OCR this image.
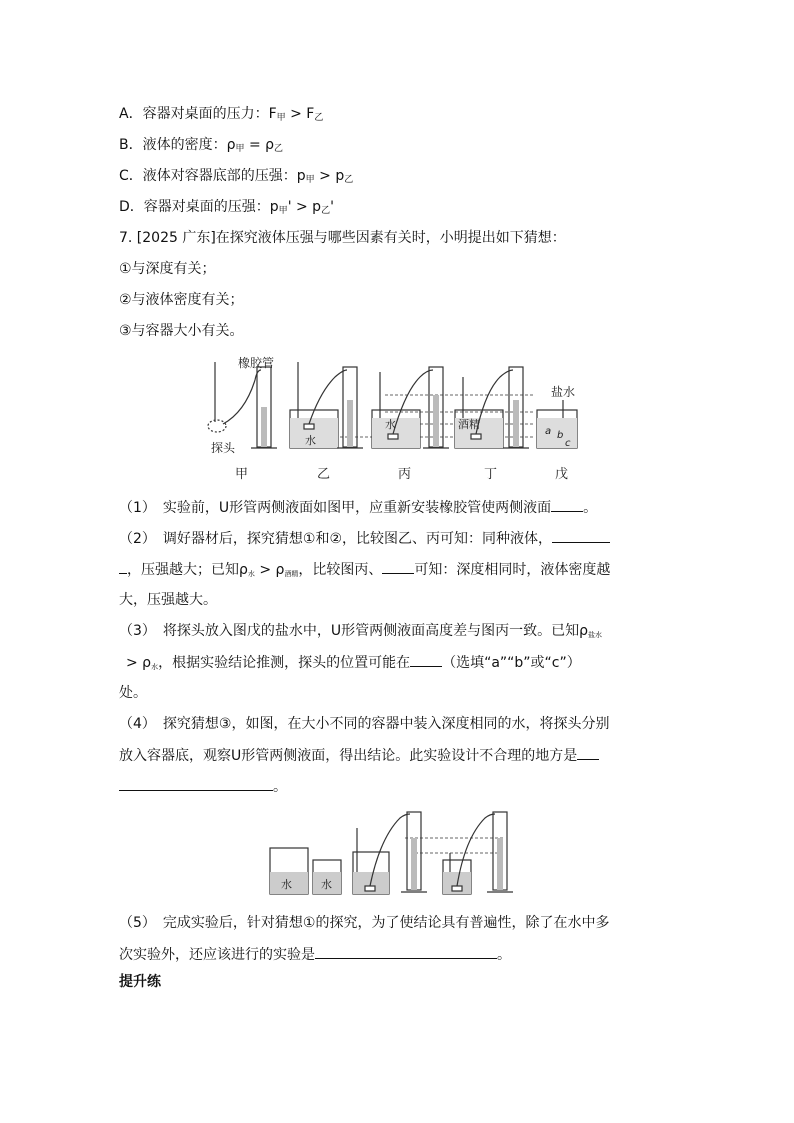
A．容器对桌面的压力：$F_甲 > F_乙$
B．液体的密度：$\rho_甲 = \rho_乙$
C．液体对容器底部的压强：$p_甲 > p_乙$
D．容器对桌面的压强：$p_甲' > p_乙'$
7. [2025 广东]在探究液体压强与哪些因素有关时，小明提出如下猜想：
①与深度有关；
②与液体密度有关；
③与容器大小有关。
橡胶管
探头
水
水	酒精
盐水
a b
c
甲	乙	丙	丁	戊
（1）　实验前，U形管两侧液面如图甲，应重新安装橡胶管使两侧液面 。
（2）　调好器材后，探究猜想①和②，比较图乙、丙可知：同种液体，
，压强越大；已知ρ水 > ρ酒精，比较图丙、 可知：深度相同时，液体密度越
大，压强越大。
（3）　将探头放入图戊的盐水中，U形管两侧液面高度差与图丙一致。已知ρ盐水
> ρ水，根据实验结论推测，探头的位置可能在 （选填“a”“b”或“c”）
处。
（4）　探究猜想③，如图，在大小不同的容器中装入深度相同的水，将探头分别
放入容器底，观察U形管两侧液面，得出结论。此实验设计不合理的地方是
。
水	水
（5）　完成实验后，针对猜想①的探究，为了使结论具有普遍性，除了在水中多
次实验外，还应该进行的实验是	。
提升练
